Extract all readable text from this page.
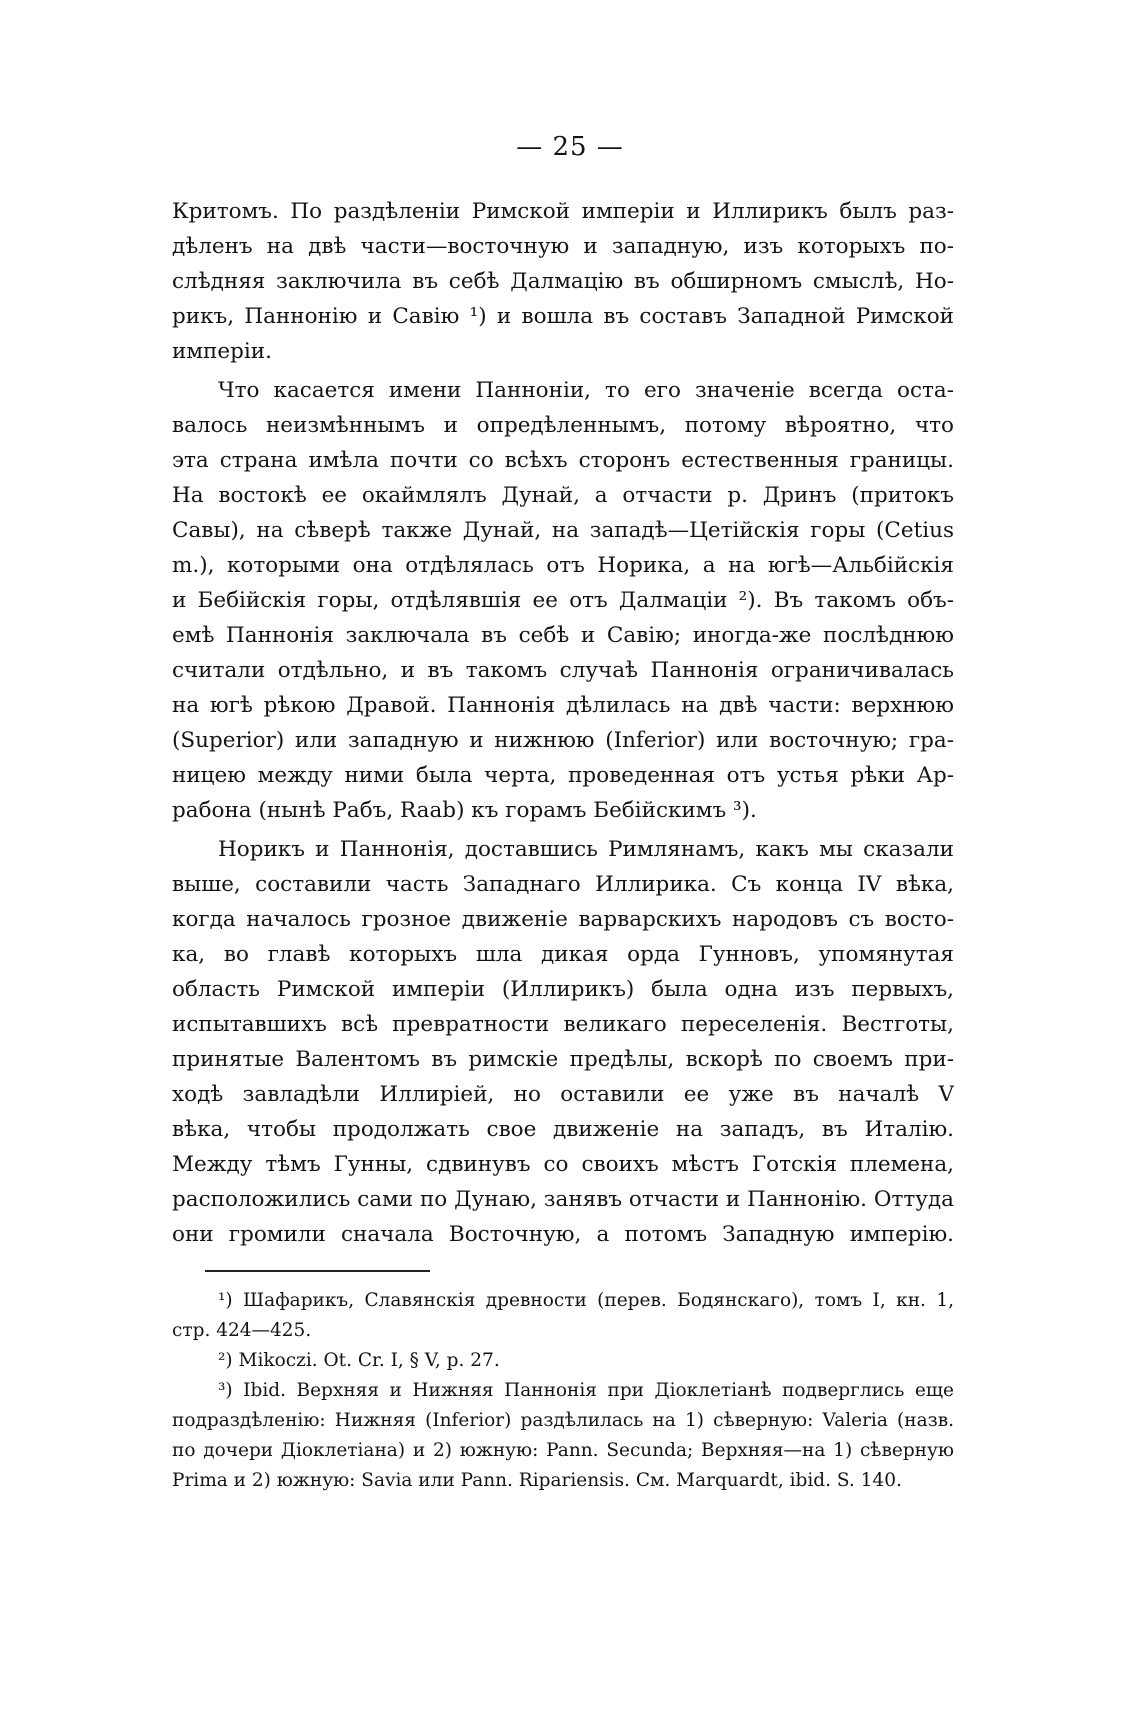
— 25 —
Критомъ. По раздѣленіи Римской имперіи и Иллирикъ былъ раз-
дѣленъ на двѣ части—восточную и западную, изъ которыхъ по-
слѣдняя заключила въ себѣ Далмацію въ обширномъ смыслѣ, Но-
рикъ, Паннонію и Савію ¹) и вошла въ составъ Западной Римской
имперіи.
Что касается имени Панноніи, то его значеніе всегда оста-
валось неизмѣннымъ и опредѣленнымъ, потому вѣроятно, что
эта страна имѣла почти со всѣхъ сторонъ естественныя границы.
На востокѣ ее окаймлялъ Дунай, а отчасти р. Дринъ (притокъ
Савы), на сѣверѣ также Дунай, на западѣ—Цетійскія горы (Cetius
m.), которыми она отдѣлялась отъ Норика, а на югѣ—Альбійскія
и Бебійскія горы, отдѣлявшія ее отъ Далмаціи ²). Въ такомъ объ-
емѣ Паннонія заключала въ себѣ и Савію; иногда-же послѣднюю
считали отдѣльно, и въ такомъ случаѣ Паннонія ограничивалась
на югѣ рѣкою Дравой. Паннонія дѣлилась на двѣ части: верхнюю
(Superior) или западную и нижнюю (Inferior) или восточную; гра-
ницею между ними была черта, проведенная отъ устья рѣки Ар-
рабона (нынѣ Рабъ, Raab) къ горамъ Бебійскимъ ³).
Норикъ и Паннонія, доставшись Римлянамъ, какъ мы сказали
выше, составили часть Западнаго Иллирика. Съ конца IV вѣка,
когда началось грозное движеніе варварскихъ народовъ съ восто-
ка, во главѣ которыхъ шла дикая орда Гунновъ, упомянутая
область Римской имперіи (Иллирикъ) была одна изъ первыхъ,
испытавшихъ всѣ превратности великаго переселенія. Вестготы,
принятые Валентомъ въ римскіе предѣлы, вскорѣ по своемъ при-
ходѣ завладѣли Иллиріей, но оставили ее уже въ началѣ V
вѣка, чтобы продолжать свое движеніе на западъ, въ Италію.
Между тѣмъ Гунны, сдвинувъ со своихъ мѣстъ Готскія племена,
расположились сами по Дунаю, занявъ отчасти и Паннонію. Оттуда
они громили сначала Восточную, а потомъ Западную имперію.
¹) Шафарикъ, Славянскія древности (перев. Бодянскаго), томъ I, кн. 1,
стр. 424—425.
²) Mikoczi. Ot. Cr. I, § V, p. 27.
³) Ibid. Верхняя и Нижняя Паннонія при Діоклетіанѣ подверглись еще
подраздѣленію: Нижняя (Inferior) раздѣлилась на 1) сѣверную: Valeria (назв.
по дочери Діоклетіана) и 2) южную: Pann. Secunda; Верхняя—на 1) сѣверную
Prima и 2) южную: Savia или Pann. Ripariensis. См. Marquardt, ibid. S. 140.
